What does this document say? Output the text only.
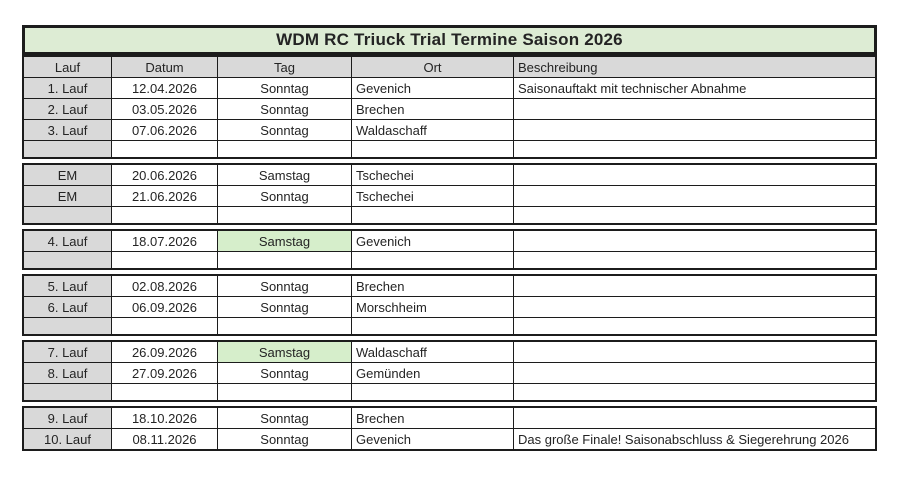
WDM RC Triuck Trial Termine Saison 2026
Lauf	Datum	Tag	Ort	Beschreibung
1. Lauf	12.04.2026	Sonntag	Gevenich	Saisonauftakt mit technischer Abnahme
2. Lauf	03.05.2026	Sonntag	Brechen
3. Lauf	07.06.2026	Sonntag	Waldaschaff
EM	20.06.2026	Samstag	Tschechei
EM	21.06.2026	Sonntag	Tschechei
4. Lauf	18.07.2026	Samstag	Gevenich
5. Lauf	02.08.2026	Sonntag	Brechen
6. Lauf	06.09.2026	Sonntag	Morschheim
7. Lauf	26.09.2026	Samstag	Waldaschaff
8. Lauf	27.09.2026	Sonntag	Gemünden
9. Lauf	18.10.2026	Sonntag	Brechen
10. Lauf	08.11.2026	Sonntag	Gevenich	Das große Finale! Saisonabschluss & Siegerehrung 2026
